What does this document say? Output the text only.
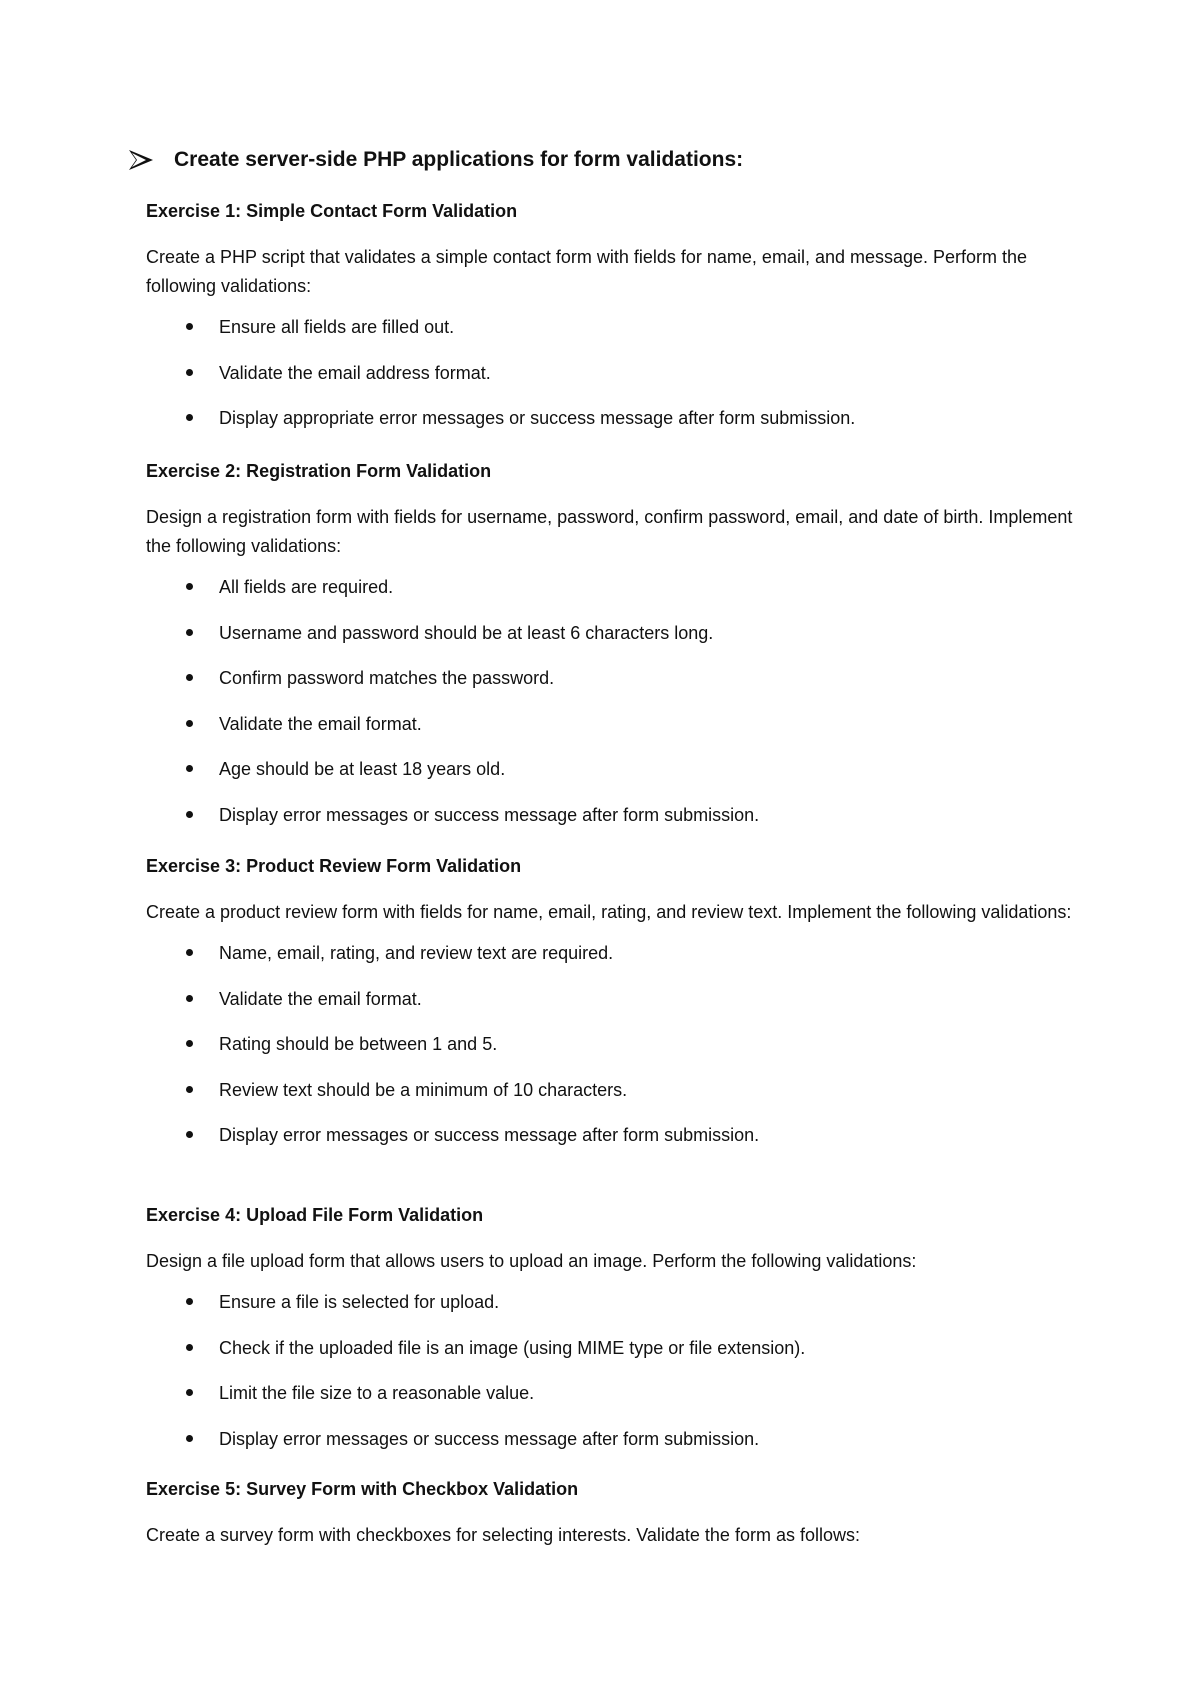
Create server-side PHP applications for form validations:

Exercise 1: Simple Contact Form Validation

Create a PHP script that validates a simple contact form with fields for name, email, and message. Perform the following validations:

Ensure all fields are filled out.
Validate the email address format.
Display appropriate error messages or success message after form submission.

Exercise 2: Registration Form Validation

Design a registration form with fields for username, password, confirm password, email, and date of birth. Implement the following validations:

All fields are required.
Username and password should be at least 6 characters long.
Confirm password matches the password.
Validate the email format.
Age should be at least 18 years old.
Display error messages or success message after form submission.

Exercise 3: Product Review Form Validation

Create a product review form with fields for name, email, rating, and review text. Implement the following validations:

Name, email, rating, and review text are required.
Validate the email format.
Rating should be between 1 and 5.
Review text should be a minimum of 10 characters.
Display error messages or success message after form submission.

Exercise 4: Upload File Form Validation

Design a file upload form that allows users to upload an image. Perform the following validations:

Ensure a file is selected for upload.
Check if the uploaded file is an image (using MIME type or file extension).
Limit the file size to a reasonable value.
Display error messages or success message after form submission.

Exercise 5: Survey Form with Checkbox Validation

Create a survey form with checkboxes for selecting interests. Validate the form as follows:
